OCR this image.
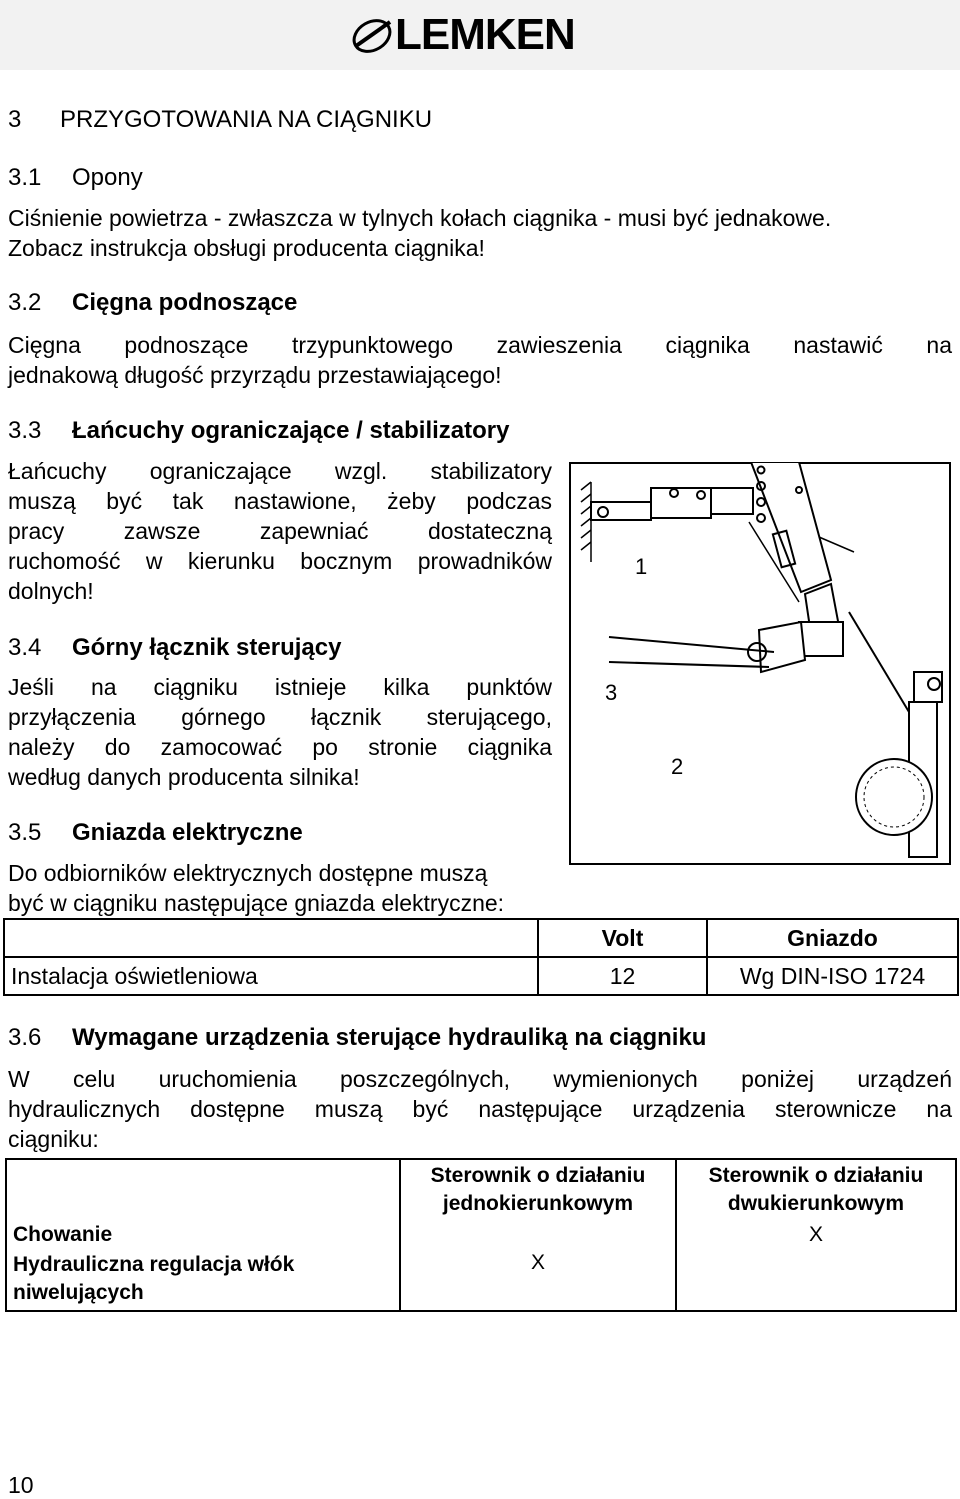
LEMKEN
3 PRZYGOTOWANIA NA CIĄGNIKU
3.1 Opony
Ciśnienie powietrza - zwłaszcza w tylnych kołach ciągnika - musi być jednakowe.
Zobacz instrukcja obsługi producenta ciągnika!
3.2 Cięgna podnoszące
Cięgna podnoszące trzypunktowego zawieszenia ciągnika nastawić na
jednakową długość przyrządu przestawiającego!
3.3 Łańcuchy ograniczające / stabilizatory
Łańcuchy ograniczające wzgl. stabilizatory
muszą być tak nastawione, żeby podczas
pracy zawsze zapewniać dostateczną
ruchomość w kierunku bocznym prowadników
dolnych!
3.4 Górny łącznik sterujący
Jeśli na ciągniku istnieje kilka punktów
przyłączenia górnego łącznik sterującego,
należy do zamocować po stronie ciągnika
według danych producenta silnika!
1
3
2
3.5 Gniazda elektryczne
Do odbiorników elektrycznych dostępne muszą
być w ciągniku następujące gniazda elektryczne:
	Volt	Gniazdo
Instalacja oświetleniowa	12	Wg DIN-ISO 1724
3.6 Wymagane urządzenia sterujące hydrauliką na ciągniku
W celu uruchomienia poszczególnych, wymienionych poniżej urządzeń
hydraulicznych dostępne muszą być następujące urządzenia sterownicze na
ciągniku:
	Sterownik o działaniu jednokierunkowym	Sterownik o działaniu dwukierunkowym
Chowanie		X
Hydrauliczna regulacja włók niwelujących	X	
10
